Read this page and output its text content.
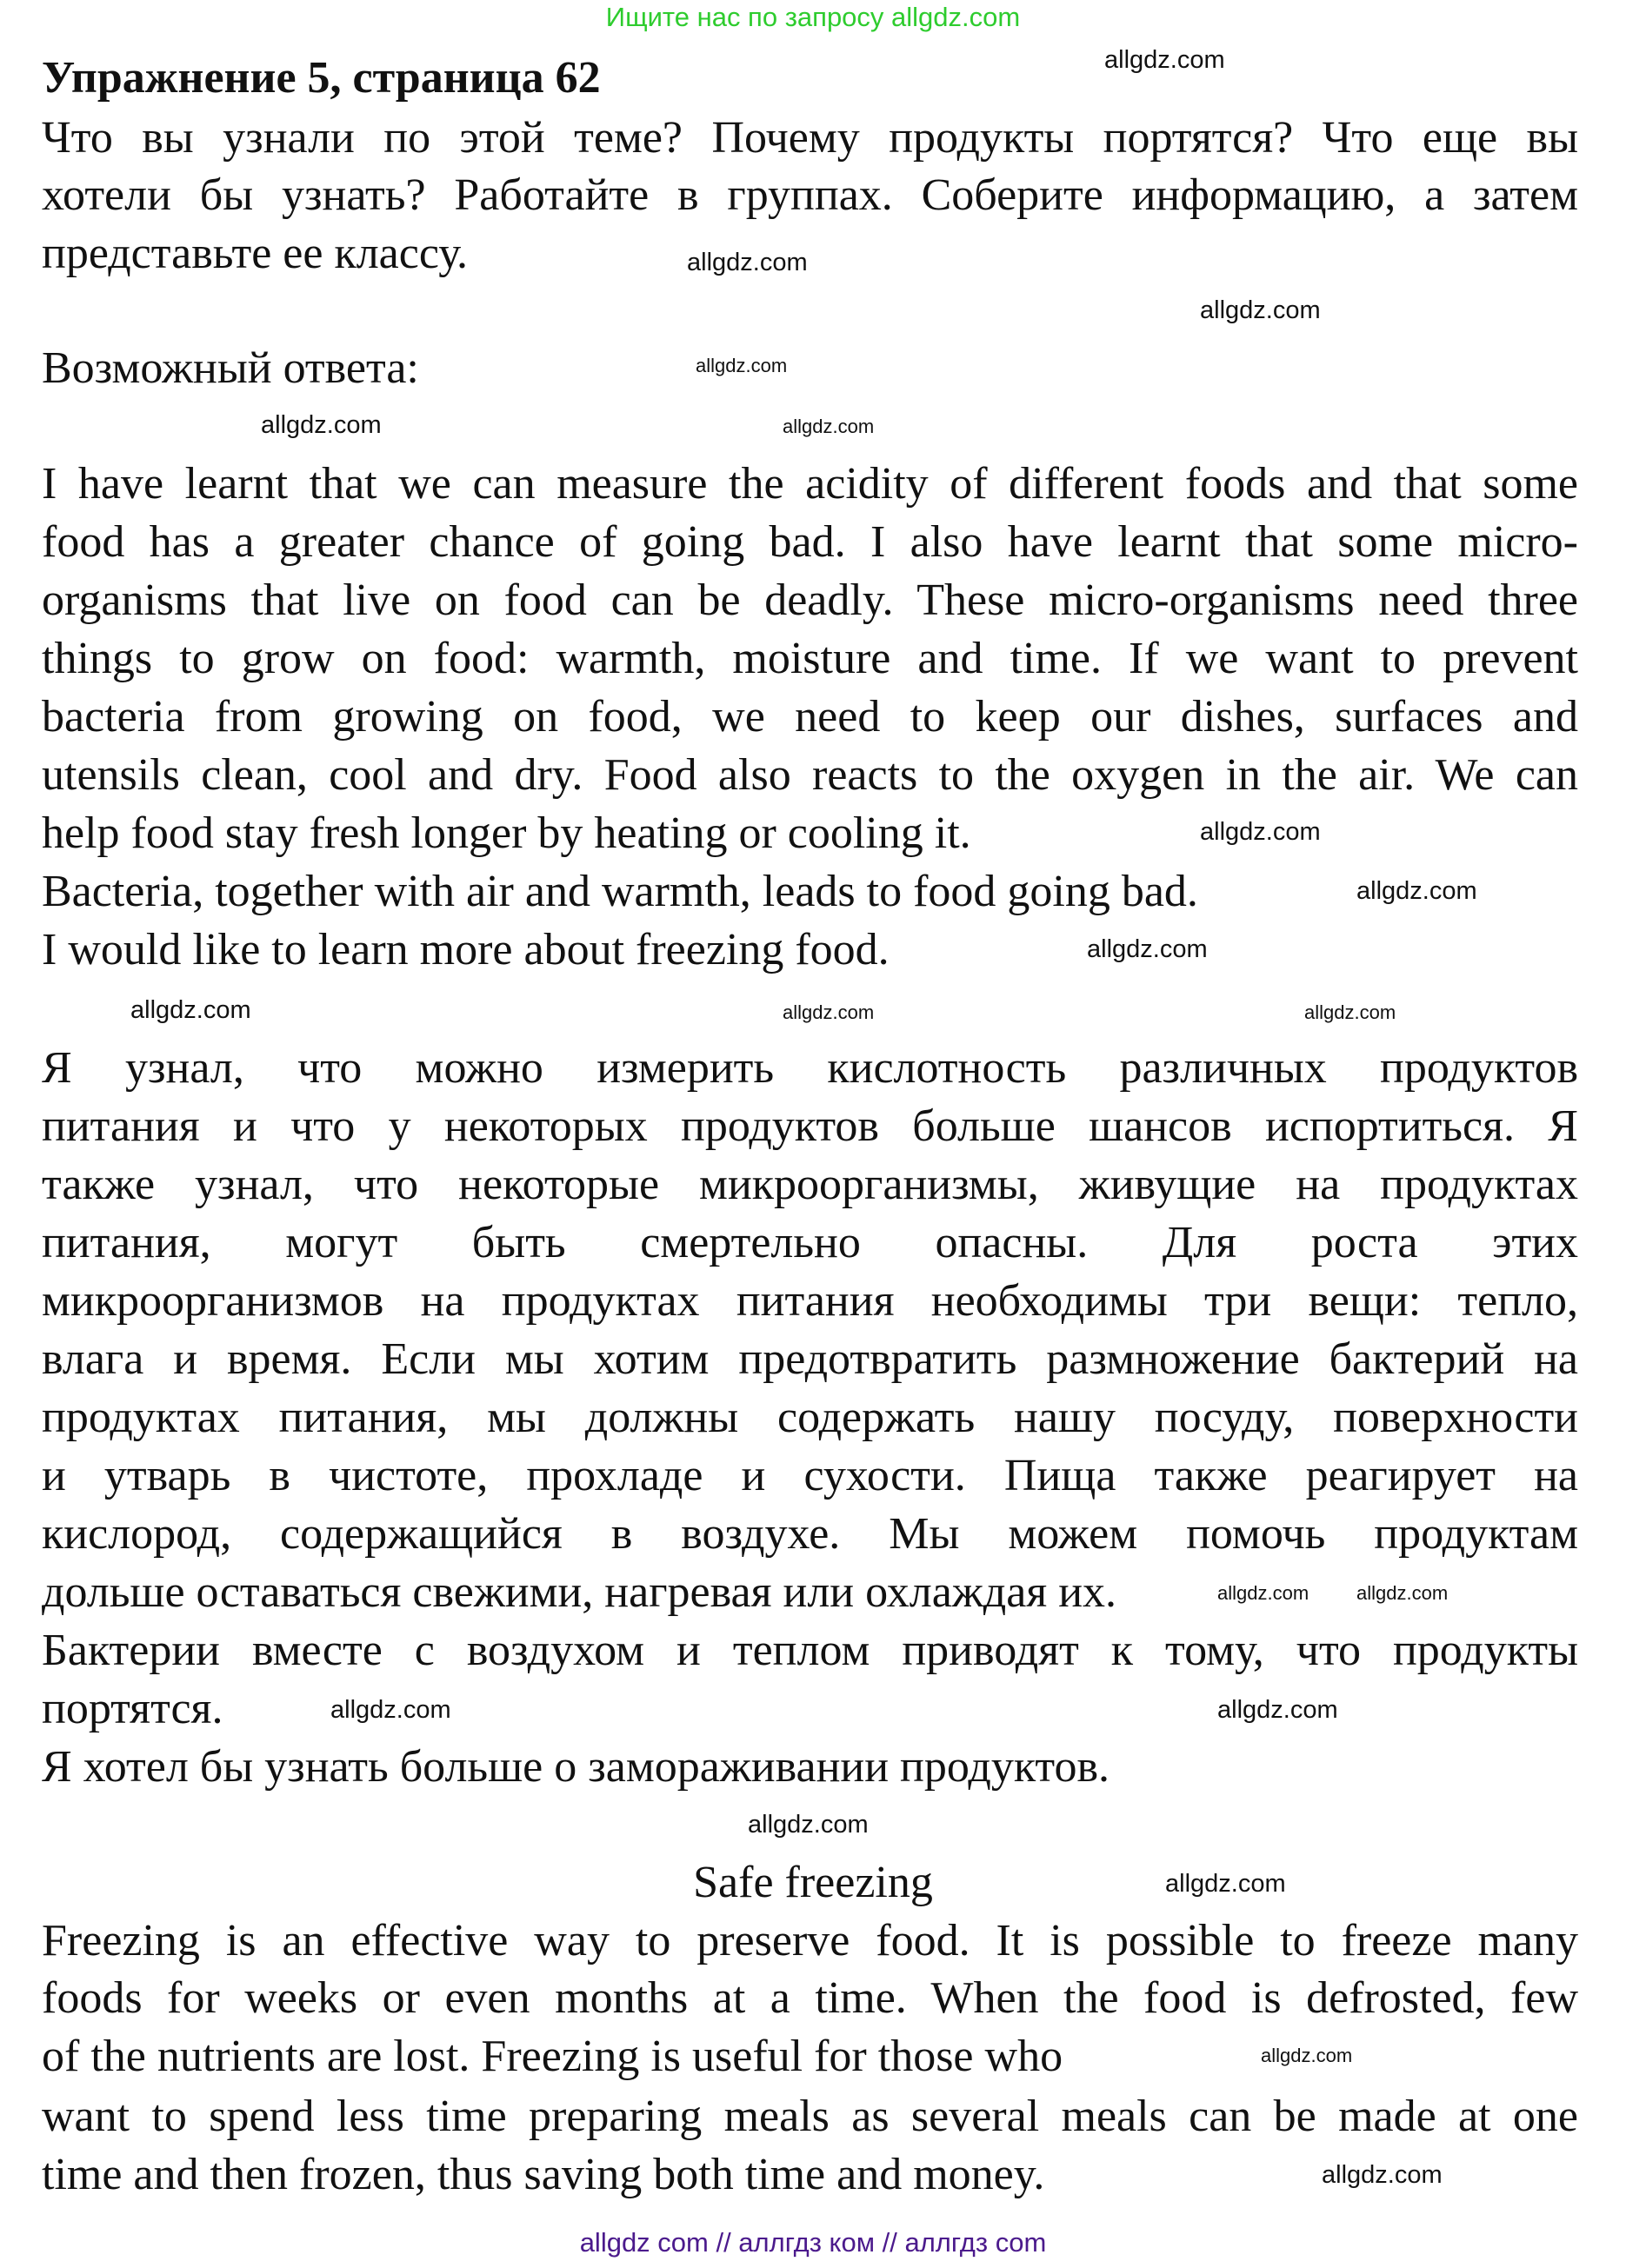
Ищите нас по запросу allgdz.com
allgdz com // аллгдз ком // аллгдз com
Упражнение 5, страница 62
Что вы узнали по этой теме? Почему продукты портятся? Что еще вы
хотели бы узнать? Работайте в группах. Соберите информацию, а затем
представьте ее классу.
Возможный ответа:
I have learnt that we can measure the acidity of different foods and that some
food has a greater chance of going bad. I also have learnt that some micro-
organisms that live on food can be deadly. These micro-organisms need three
things to grow on food: warmth, moisture and time. If we want to prevent
bacteria from growing on food, we need to keep our dishes, surfaces and
utensils clean, cool and dry. Food also reacts to the oxygen in the air. We can
help food stay fresh longer by heating or cooling it.
Bacteria, together with air and warmth, leads to food going bad.
I would like to learn more about freezing food.
Я узнал, что можно измерить кислотность различных продуктов
питания и что у некоторых продуктов больше шансов испортиться. Я
также узнал, что некоторые микроорганизмы, живущие на продуктах
питания, могут быть смертельно опасны. Для роста этих
микроорганизмов на продуктах питания необходимы три вещи: тепло,
влага и время. Если мы хотим предотвратить размножение бактерий на
продуктах питания, мы должны содержать нашу посуду, поверхности
и утварь в чистоте, прохладе и сухости. Пища также реагирует на
кислород, содержащийся в воздухе. Мы можем помочь продуктам
дольше оставаться свежими, нагревая или охлаждая их.
Бактерии вместе с воздухом и теплом приводят к тому, что продукты
портятся.
Я хотел бы узнать больше о замораживании продуктов.
Safe freezing
Freezing is an effective way to preserve food. It is possible to freeze many
foods for weeks or even months at a time. When the food is defrosted, few
of the nutrients are lost. Freezing is useful for those who
want to spend less time preparing meals as several meals can be made at one
time and then frozen, thus saving both time and money.
allgdz.com
allgdz.com
allgdz.com
allgdz.com
allgdz.com
allgdz.com
allgdz.com
allgdz.com
allgdz.com
allgdz.com	allgdz.com
allgdz.com
allgdz.com allgdz.com
allgdz.com
allgdz.com
allgdz.com
allgdz.com
allgdz.com
allgdz.com
